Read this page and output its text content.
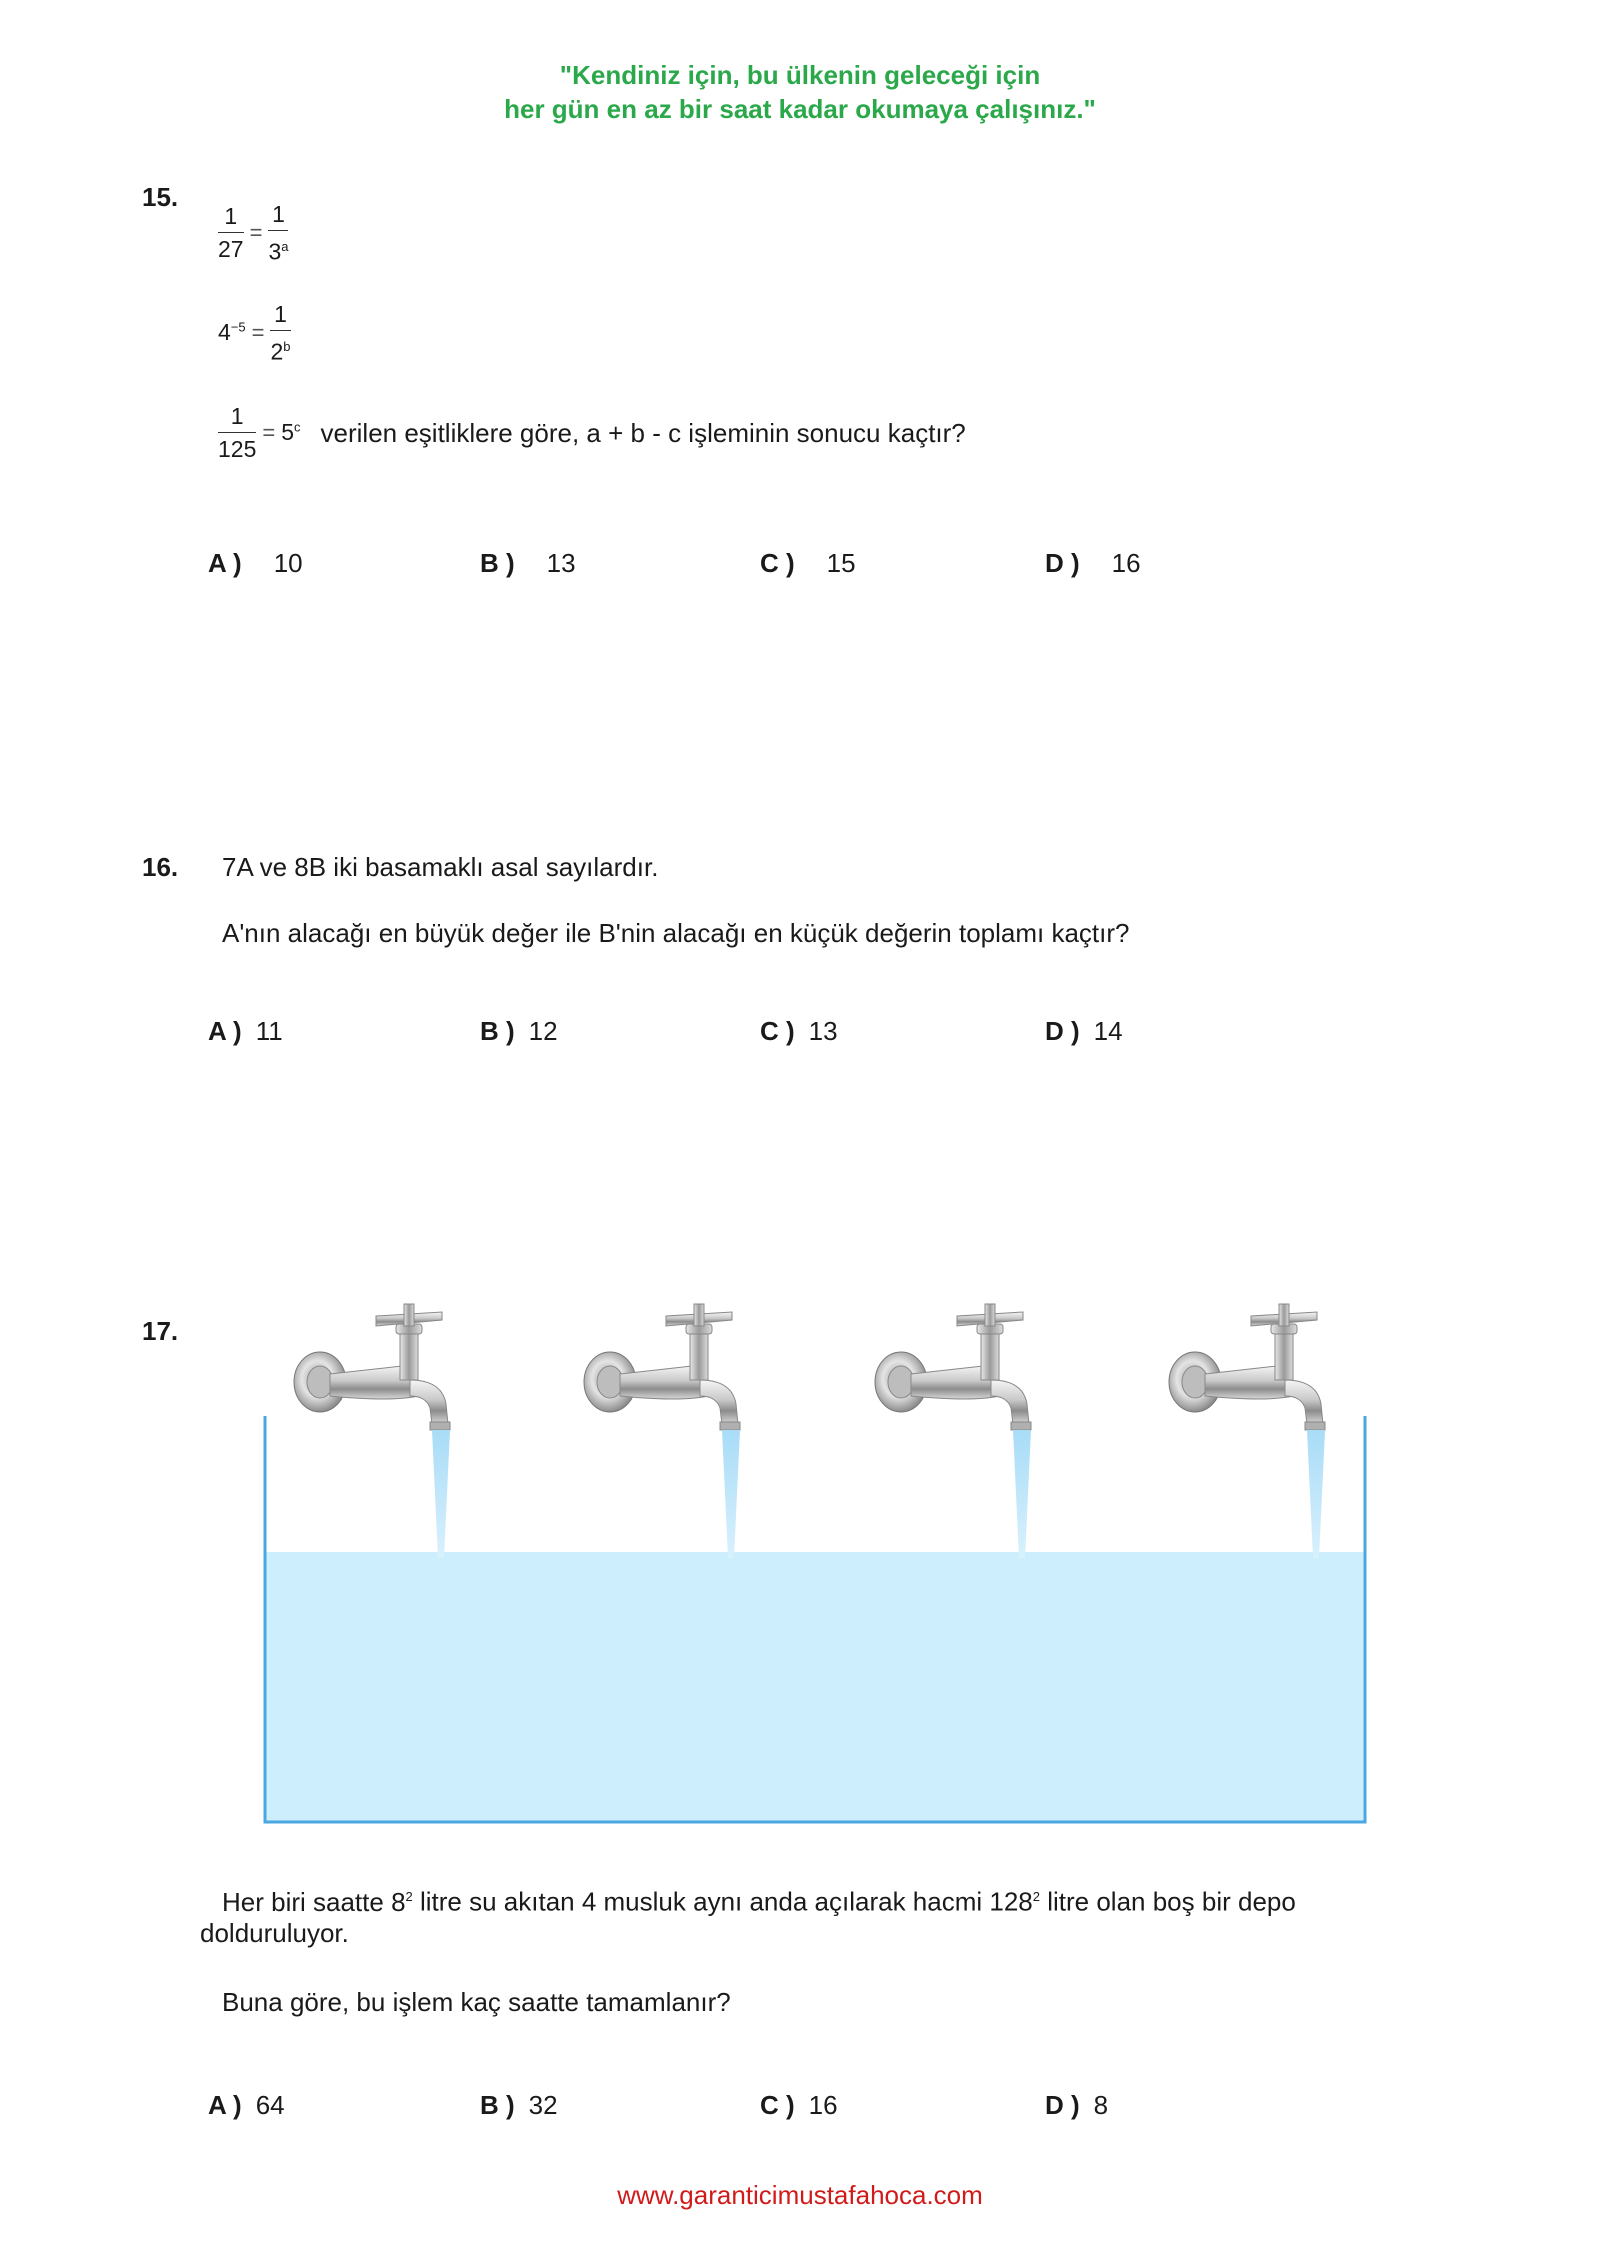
"Kendiniz için, bu ülkenin geleceği için
her gün en az bir saat kadar okumaya çalışınız."
15.
$\frac{1}{27} = \frac{1}{3^a}$
$4^{-5} = \frac{1}{2^b}$
$\frac{1}{125} = 5^c$ verilen eşitliklere göre, a + b - c işleminin sonucu kaçtır?
A ) 10	B ) 13	C ) 15	D ) 16
16. 7A ve 8B iki basamaklı asal sayılardır.
A'nın alacağı en büyük değer ile B'nin alacağı en küçük değerin toplamı kaçtır?
A ) 11	B ) 12	C ) 13	D ) 14
17.
Her biri saatte $8^2$ litre su akıtan 4 musluk aynı anda açılarak hacmi $128^2$ litre olan boş bir depo
dolduruluyor.
Buna göre, bu işlem kaç saatte tamamlanır?
A ) 64	B ) 32	C ) 16	D ) 8
www.garanticimustafahoca.com
